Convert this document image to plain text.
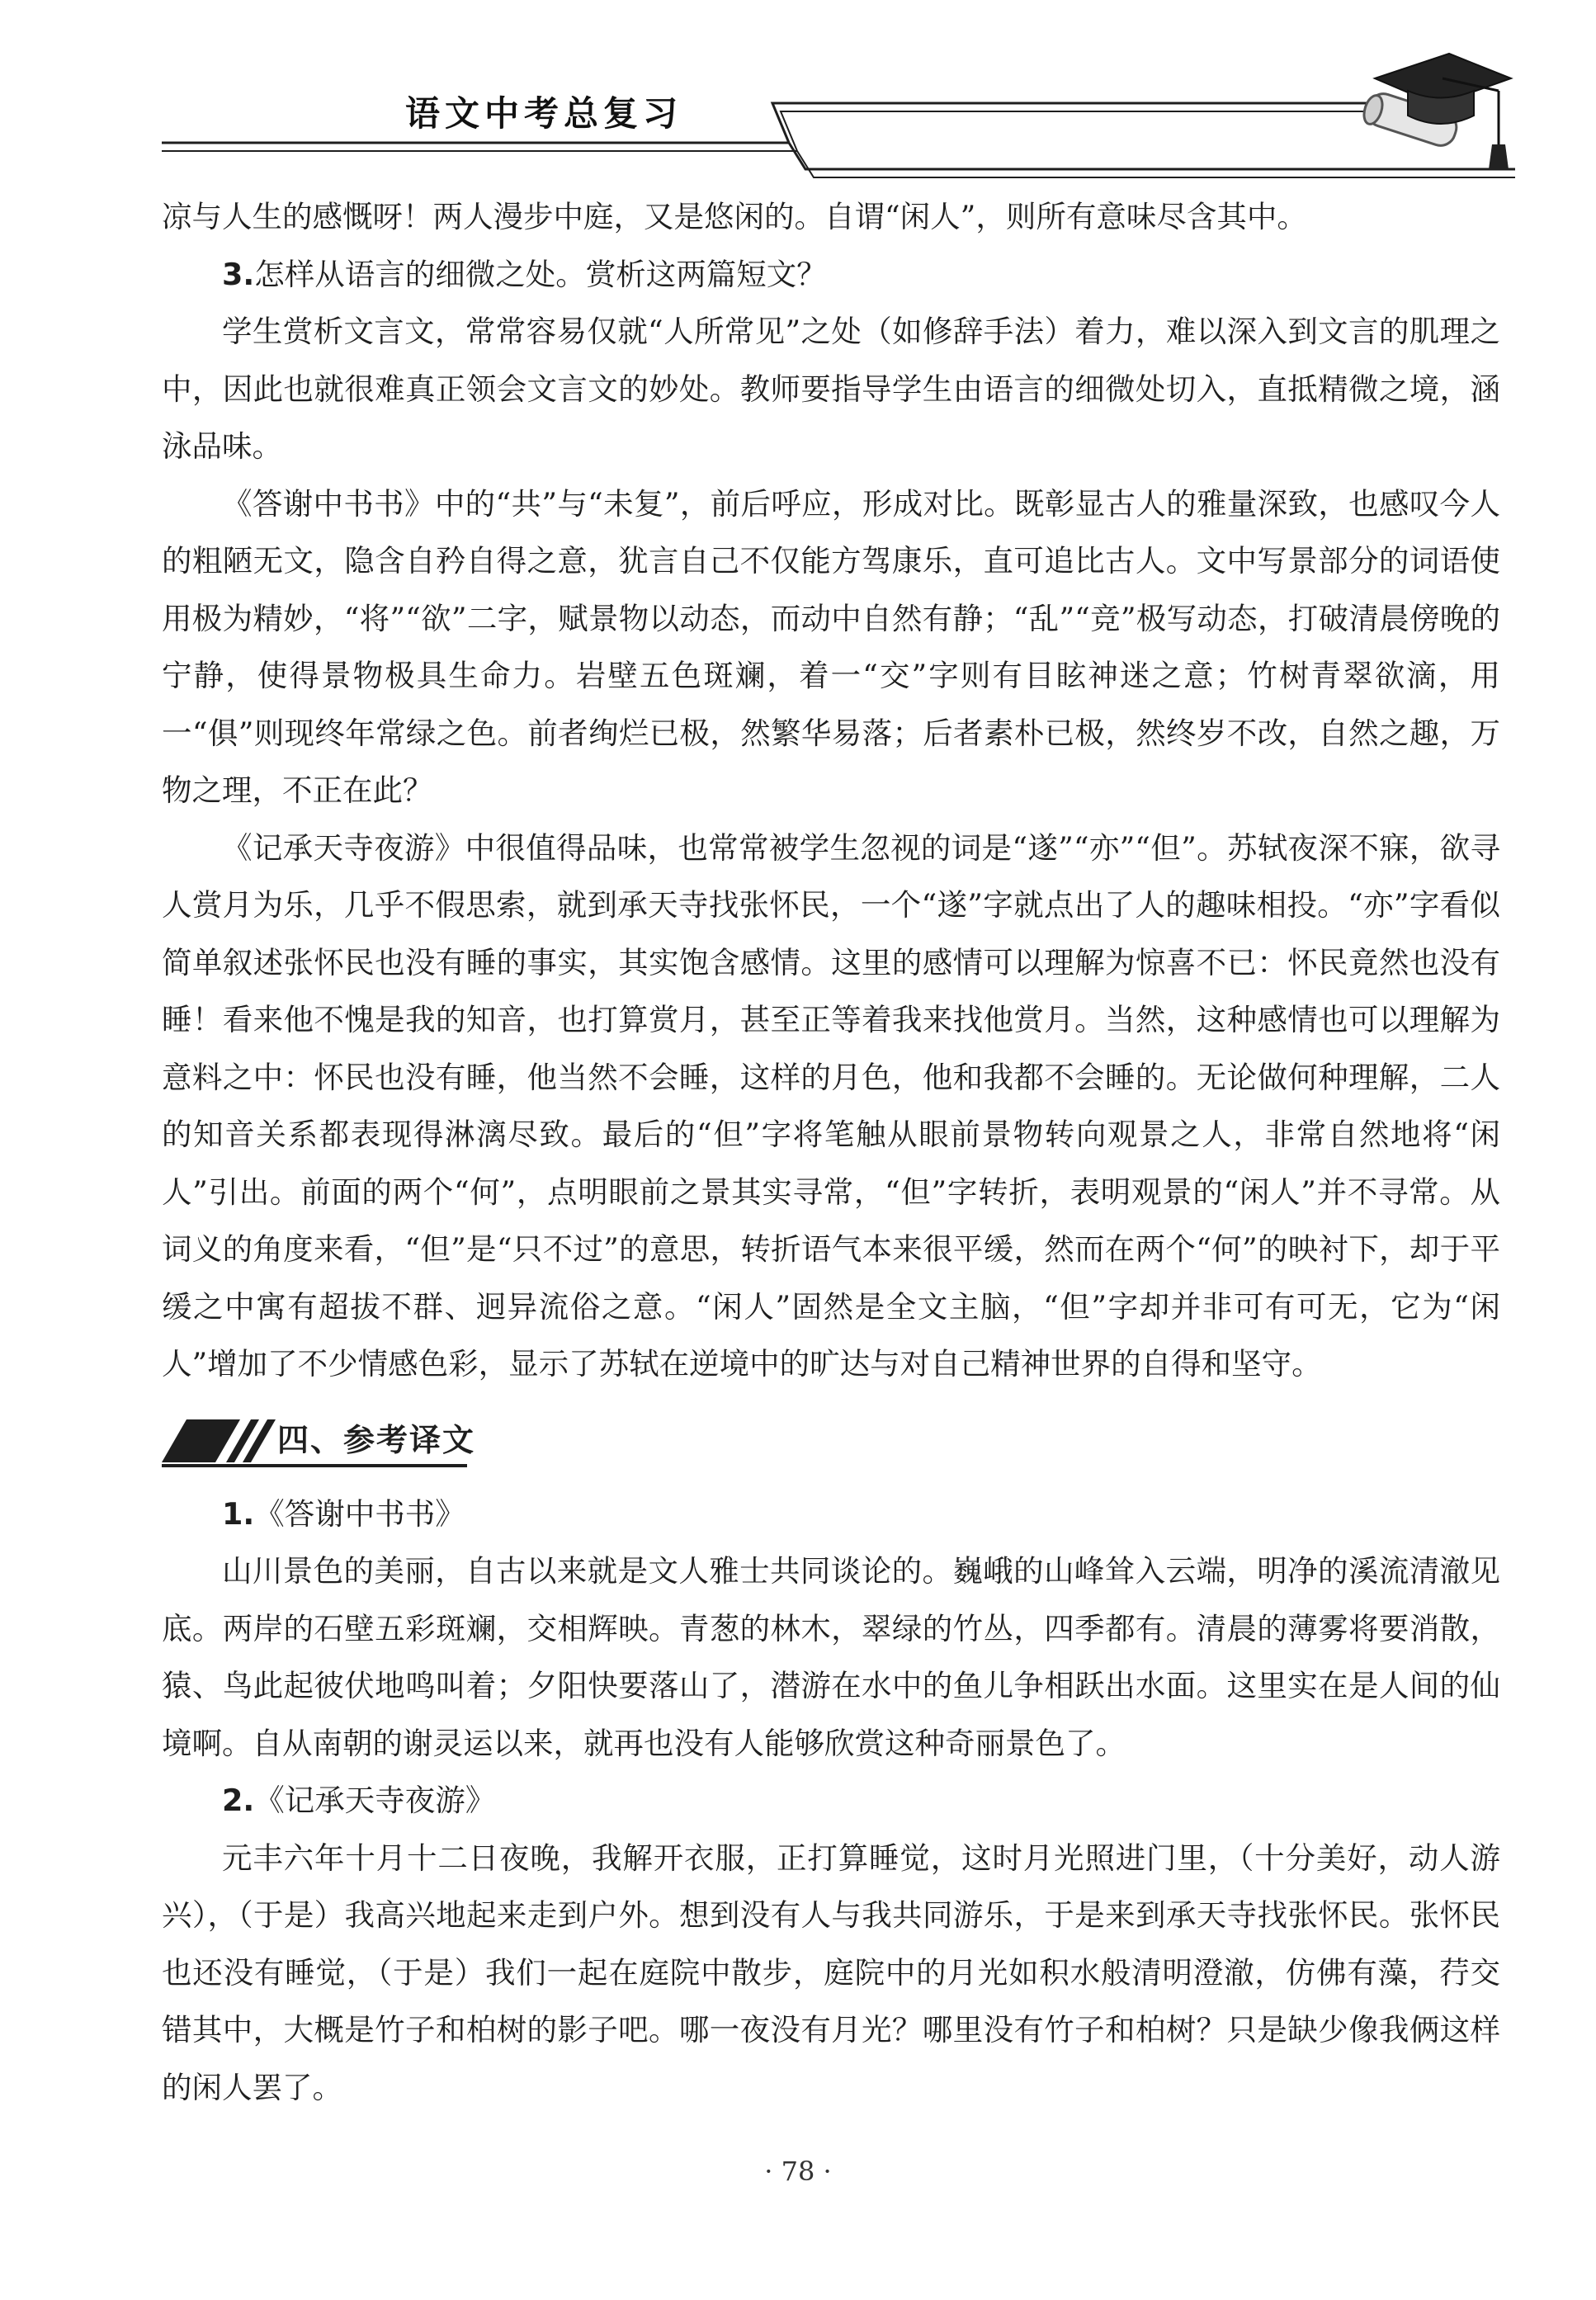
语文中考总复习

凉与人生的感慨呀！两人漫步中庭，又是悠闲的。自谓“闲人”，则所有意味尽含其中。

3.怎样从语言的细微之处。赏析这两篇短文？

学生赏析文言文，常常容易仅就“人所常见”之处（如修辞手法）着力，难以深入到文言的肌理之中，因此也就很难真正领会文言文的妙处。教师要指导学生由语言的细微处切入，直抵精微之境，涵泳品味。

《答谢中书书》中的“共”与“未复”，前后呼应，形成对比。既彰显古人的雅量深致，也感叹今人的粗陋无文，隐含自矜自得之意，犹言自己不仅能方驾康乐，直可追比古人。文中写景部分的词语使用极为精妙，“将”“欲”二字，赋景物以动态，而动中自然有静；“乱”“竞”极写动态，打破清晨傍晚的宁静，使得景物极具生命力。岩壁五色斑斓，着一“交”字则有目眩神迷之意；竹树青翠欲滴，用一“俱”则现终年常绿之色。前者绚烂已极，然繁华易落；后者素朴已极，然终岁不改，自然之趣，万物之理，不正在此？

《记承天寺夜游》中很值得品味，也常常被学生忽视的词是“遂”“亦”“但”。苏轼夜深不寐，欲寻人赏月为乐，几乎不假思索，就到承天寺找张怀民，一个“遂”字就点出了人的趣味相投。“亦”字看似简单叙述张怀民也没有睡的事实，其实饱含感情。这里的感情可以理解为惊喜不已：怀民竟然也没有睡！看来他不愧是我的知音，也打算赏月，甚至正等着我来找他赏月。当然，这种感情也可以理解为意料之中：怀民也没有睡，他当然不会睡，这样的月色，他和我都不会睡的。无论做何种理解，二人的知音关系都表现得淋漓尽致。最后的“但”字将笔触从眼前景物转向观景之人，非常自然地将“闲人”引出。前面的两个“何”，点明眼前之景其实寻常，“但”字转折，表明观景的“闲人”并不寻常。从词义的角度来看，“但”是“只不过”的意思，转折语气本来很平缓，然而在两个“何”的映衬下，却于平缓之中寓有超拔不群、迥异流俗之意。“闲人”固然是全文主脑，“但”字却并非可有可无，它为“闲人”增加了不少情感色彩，显示了苏轼在逆境中的旷达与对自己精神世界的自得和坚守。

四、参考译文

1.《答谢中书书》

山川景色的美丽，自古以来就是文人雅士共同谈论的。巍峨的山峰耸入云端，明净的溪流清澈见底。两岸的石壁五彩斑斓，交相辉映。青葱的林木，翠绿的竹丛，四季都有。清晨的薄雾将要消散，猿、鸟此起彼伏地鸣叫着；夕阳快要落山了，潜游在水中的鱼儿争相跃出水面。这里实在是人间的仙境啊。自从南朝的谢灵运以来，就再也没有人能够欣赏这种奇丽景色了。

2.《记承天寺夜游》

元丰六年十月十二日夜晚，我解开衣服，正打算睡觉，这时月光照进门里，（十分美好，动人游兴），（于是）我高兴地起来走到户外。想到没有人与我共同游乐，于是来到承天寺找张怀民。张怀民也还没有睡觉，（于是）我们一起在庭院中散步，庭院中的月光如积水般清明澄澈，仿佛有藻，荇交错其中，大概是竹子和柏树的影子吧。哪一夜没有月光？哪里没有竹子和柏树？只是缺少像我俩这样的闲人罢了。

· 78 ·
